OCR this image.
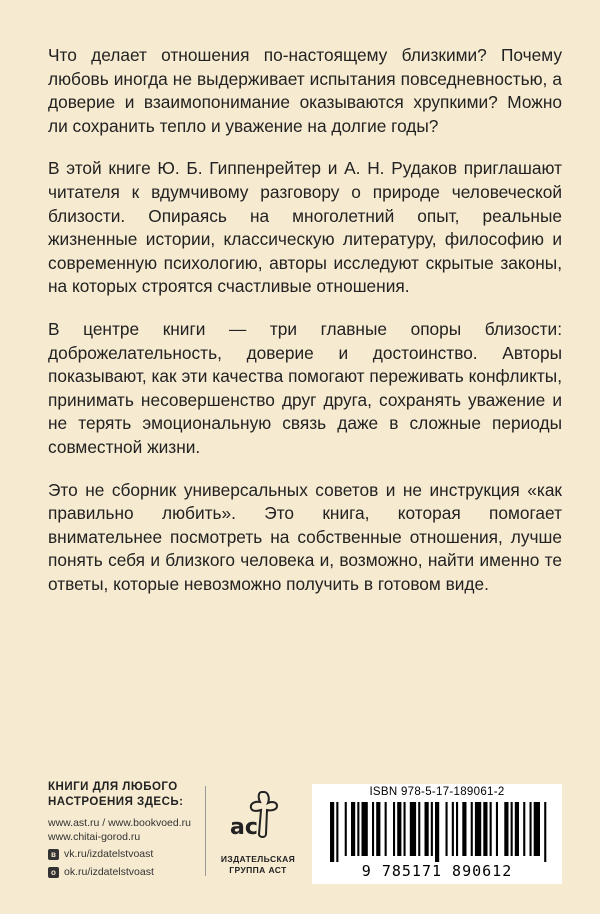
Что делает отношения по-настоящему близкими? Почему любовь иногда не выдерживает испытания повседневностью, а доверие и взаимопонимание оказываются хрупкими? Можно ли сохранить тепло и уважение на долгие годы?

В этой книге Ю. Б. Гиппенрейтер и А. Н. Рудаков приглашают читателя к вдумчивому разговору о природе человеческой близости. Опираясь на многолетний опыт, реальные жизненные истории, классическую литературу, философию и современную психологию, авторы исследуют скрытые законы, на которых строятся счастливые отношения.

В центре книги — три главные опоры близости: доброжелательность, доверие и достоинство. Авторы показывают, как эти качества помогают переживать конфликты, принимать несовершенство друг друга, сохранять уважение и не терять эмоциональную связь даже в сложные периоды совместной жизни.

Это не сборник универсальных советов и не инструкция «как правильно любить». Это книга, которая помогает внимательнее посмотреть на собственные отношения, лучше понять себя и близкого человека и, возможно, найти именно те ответы, которые невозможно получить в готовом виде.

КНИГИ ДЛЯ ЛЮБОГО
НАСТРОЕНИЯ ЗДЕСЬ:
www.ast.ru / www.bookvoed.ru
www.chitai-gorod.ru
в vk.ru/izdatelstvoast
о ok.ru/izdatelstvoast
ac
ИЗДАТЕЛЬСКАЯ
ГРУППА АСТ
ISBN 978-5-17-189061-2
9 785171 890612
